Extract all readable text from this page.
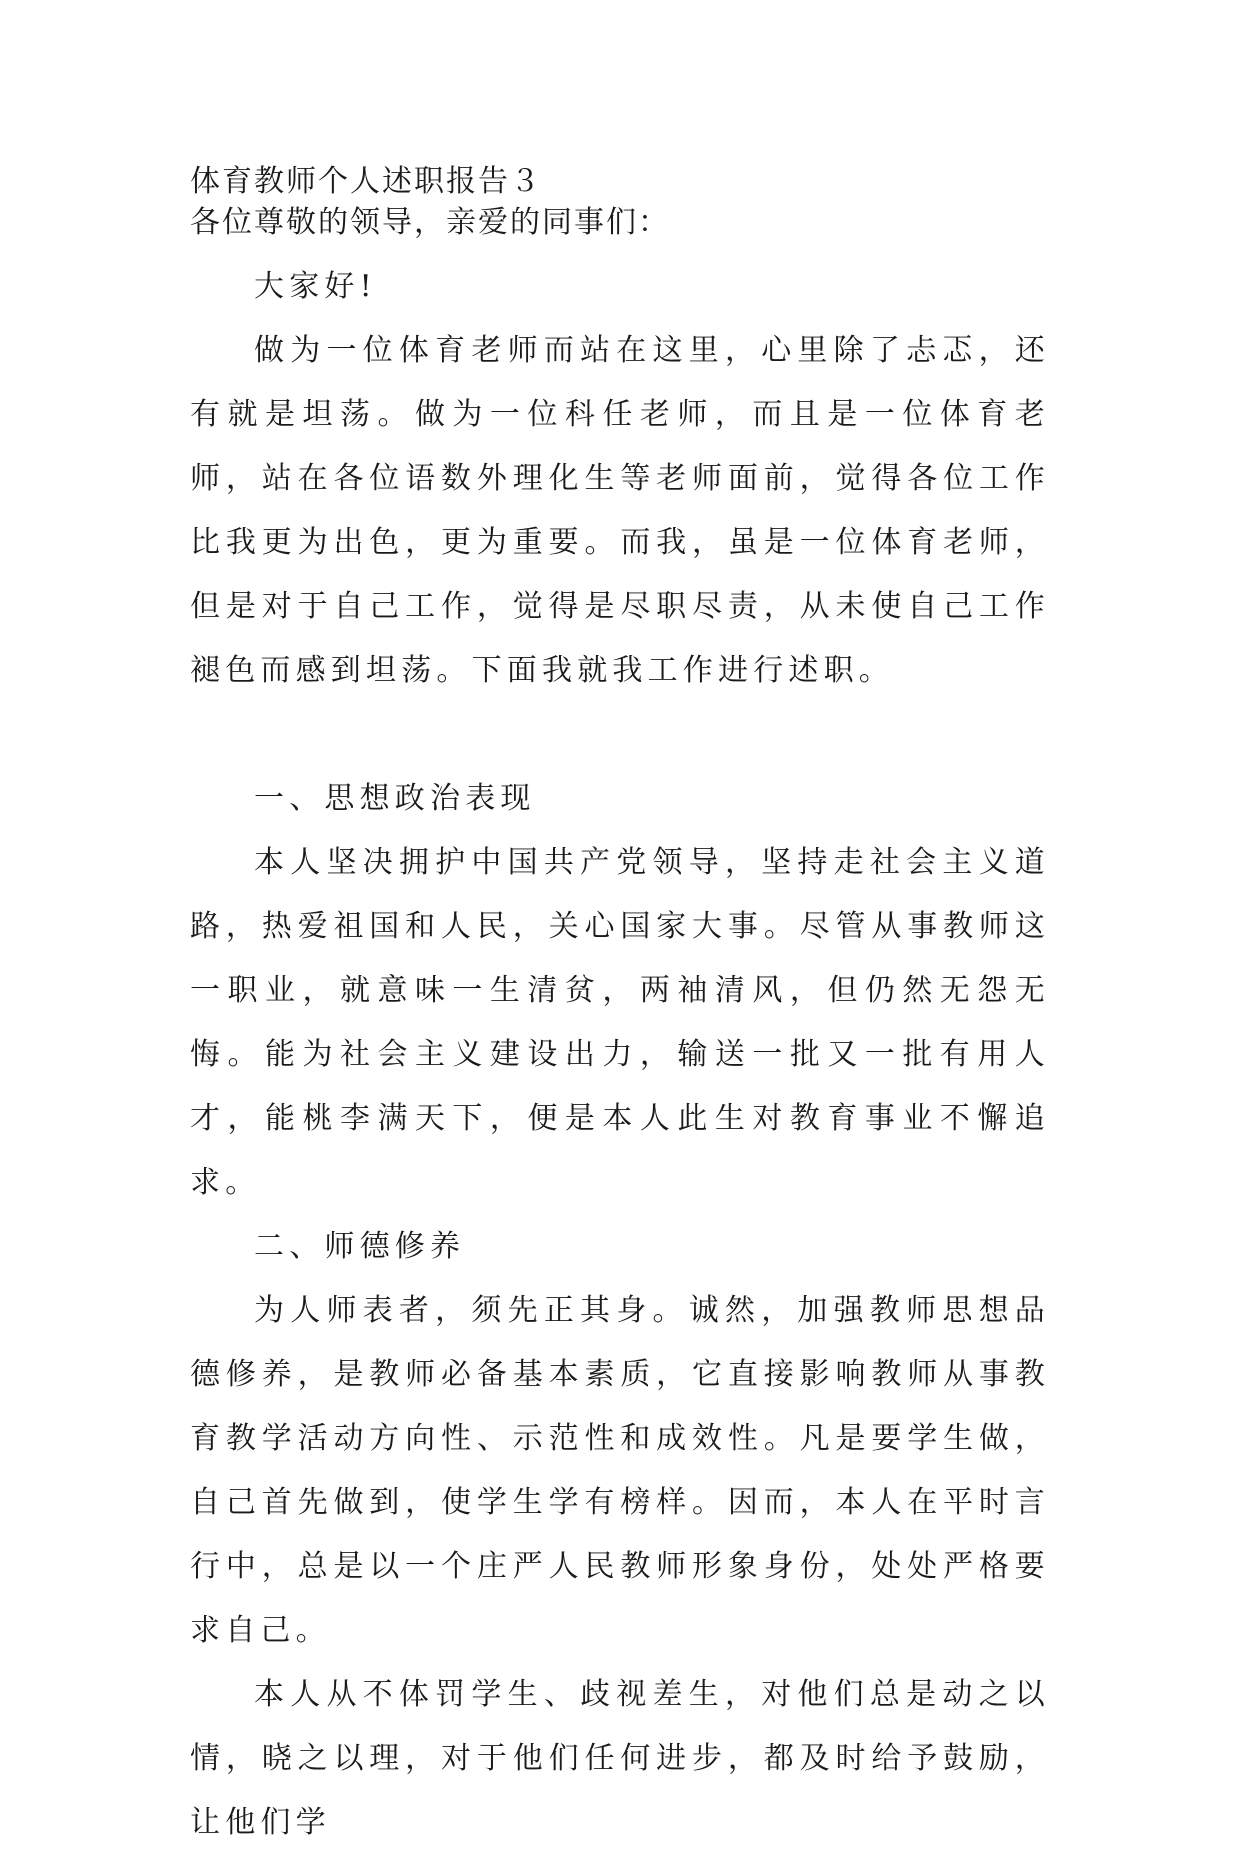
体育教师个人述职报告３
各位尊敬的领导，亲爱的同事们：

大家好!

做为一位体育老师而站在这里，心里除了忐忑，还有就是坦荡。做为一位科任老师，而且是一位体育老师，站在各位语数外理化生等老师面前，觉得各位工作比我更为出色，更为重要。而我，虽是一位体育老师，但是对于自己工作，觉得是尽职尽责，从未使自己工作褪色而感到坦荡。下面我就我工作进行述职。

一、思想政治表现

本人坚决拥护中国共产党领导，坚持走社会主义道路，热爱祖国和人民，关心国家大事。尽管从事教师这一职业，就意味一生清贫，两袖清风，但仍然无怨无悔。能为社会主义建设出力，输送一批又一批有用人才，能桃李满天下，便是本人此生对教育事业不懈追求。

二、师德修养

为人师表者，须先正其身。诚然，加强教师思想品德修养，是教师必备基本素质，它直接影响教师从事教育教学活动方向性、示范性和成效性。凡是要学生做，自己首先做到，使学生学有榜样。因而，本人在平时言行中，总是以一个庄严人民教师形象身份，处处严格要求自己。

本人从不体罚学生、歧视差生，对他们总是动之以情，晓之以理，对于他们任何进步，都及时给予鼓励，让他们学
